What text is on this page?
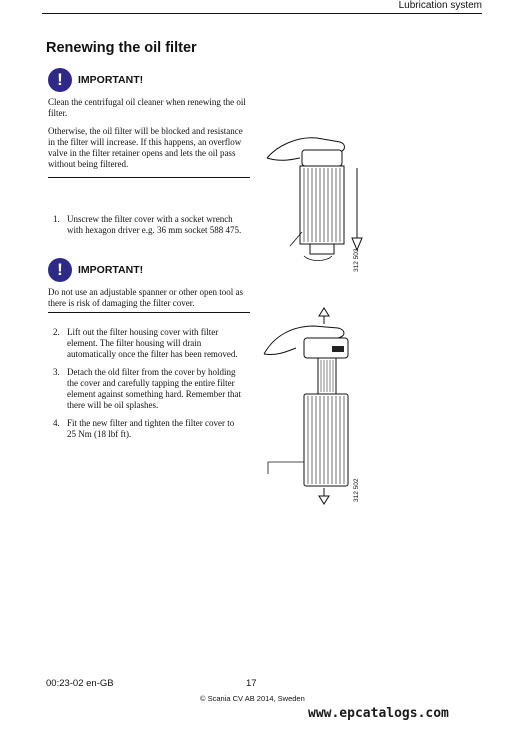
Lubrication system
Renewing the oil filter
!	IMPORTANT!
Clean the centrifugal oil cleaner when renewing the oil filter.
Otherwise, the oil filter will be blocked and resistance in the filter will increase. If this happens, an overflow valve in the filter retainer opens and lets the oil pass without being filtered.
1. Unscrew the filter cover with a socket wrench with hexagon driver e.g. 36 mm socket 588 475.
!	IMPORTANT!
Do not use an adjustable spanner or other open tool as there is risk of damaging the filter cover.
2. Lift out the filter housing cover with filter element. The filter housing will drain automatically once the filter has been removed.
3. Detach the old filter from the cover by holding the cover and carefully tapping the entire filter element against something hard. Remember that there will be oil splashes.
4. Fit the new filter and tighten the filter cover to 25 Nm (18 lbf ft).
312 503
312 502
00:23-02 en-GB	17
© Scania CV AB 2014, Sweden
www.epcatalogs.com
